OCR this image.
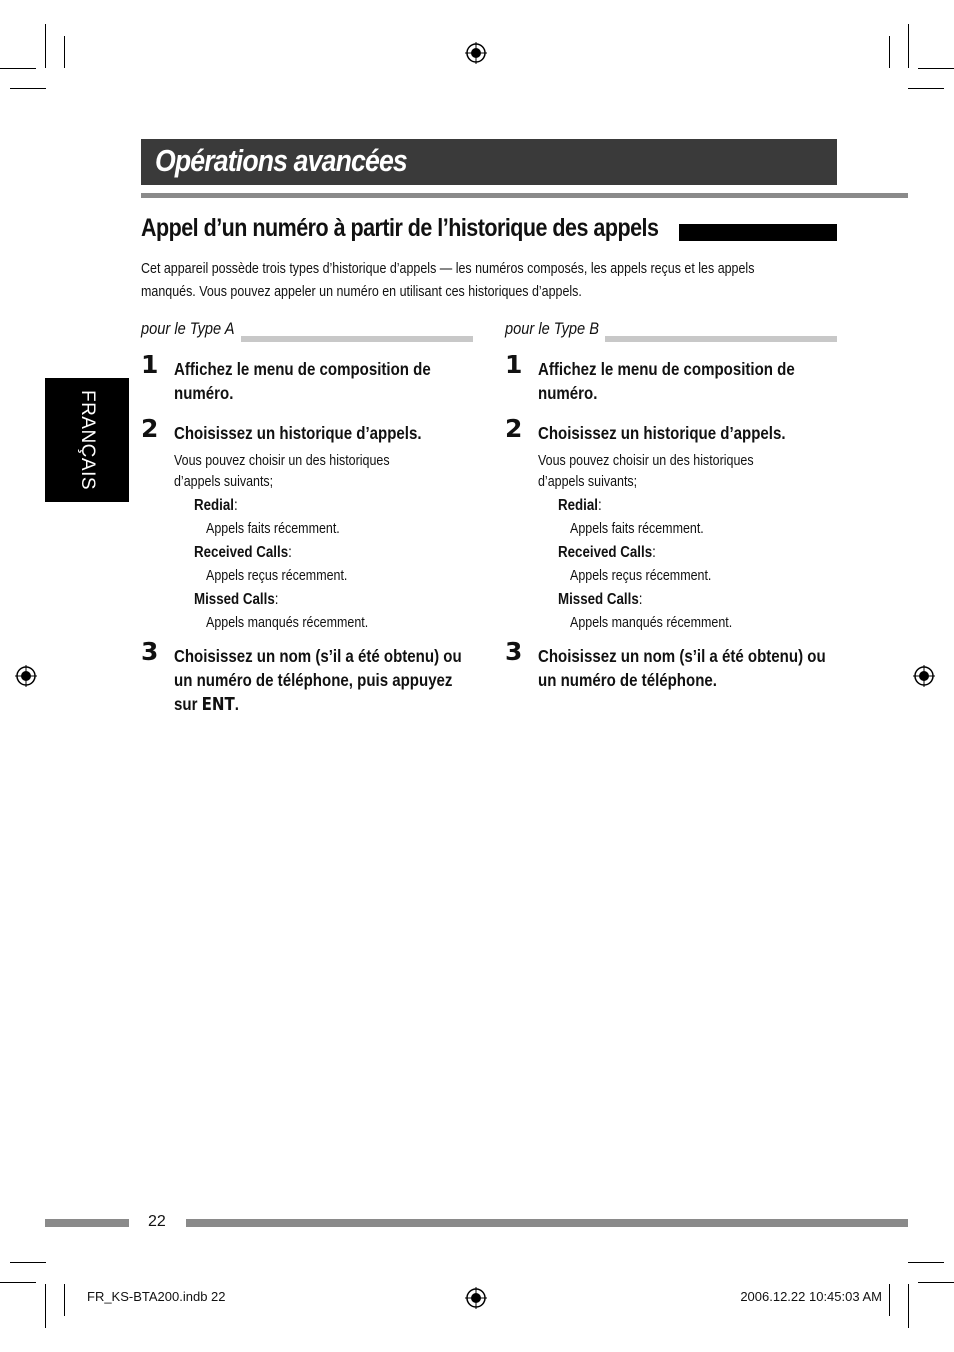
Opérations avancées
Appel d’un numéro à partir de l’historique des appels
Cet appareil possède trois types d’historique d’appels — les numéros composés, les appels reçus et les appels
manqués. Vous pouvez appeler un numéro en utilisant ces historiques d’appels.
FRANÇAIS
pour le Type A
1 Affichez le menu de composition de numéro.
2 Choisissez un historique d’appels.
Vous pouvez choisir un des historiques d’appels suivants;
Redial:
Appels faits récemment.
Received Calls:
Appels reçus récemment.
Missed Calls:
Appels manqués récemment.
3 Choisissez un nom (s’il a été obtenu) ou un numéro de téléphone, puis appuyez sur ENT.
pour le Type B
1 Affichez le menu de composition de numéro.
2 Choisissez un historique d’appels.
Vous pouvez choisir un des historiques d’appels suivants;
Redial:
Appels faits récemment.
Received Calls:
Appels reçus récemment.
Missed Calls:
Appels manqués récemment.
3 Choisissez un nom (s’il a été obtenu) ou un numéro de téléphone.
22
FR_KS-BTA200.indb 22	2006.12.22 10:45:03 AM
